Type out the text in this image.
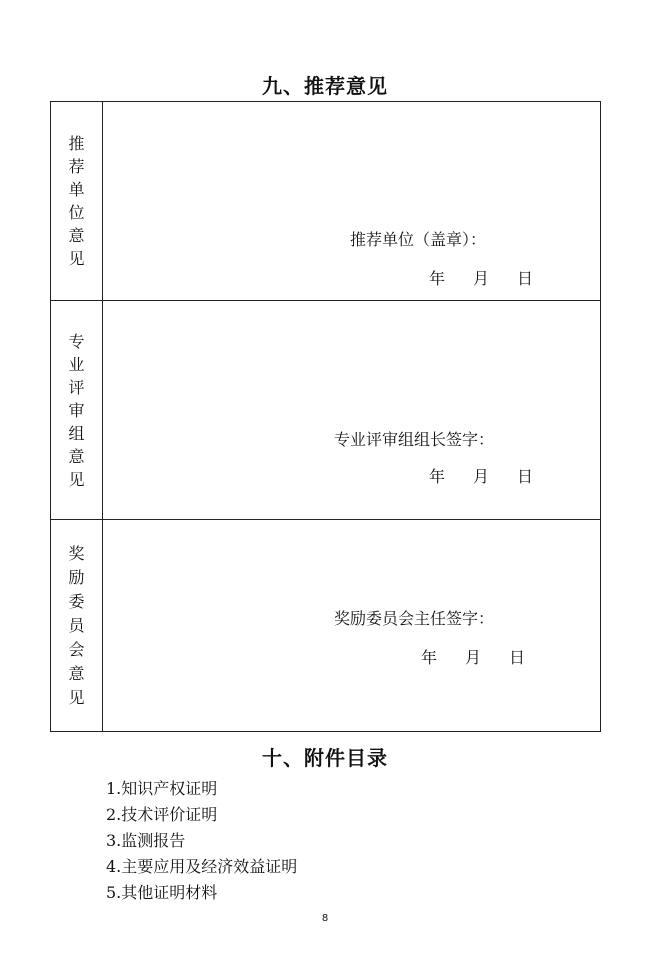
九、推荐意见
推荐单位意见
推荐单位（盖章）：
年 月 日
专业评审组意见
专业评审组组长签字：
年 月 日
奖励委员会意见
奖励委员会主任签字：
年 月 日
十、附件目录
1.知识产权证明
2.技术评价证明
3.监测报告
4.主要应用及经济效益证明
5.其他证明材料
8
